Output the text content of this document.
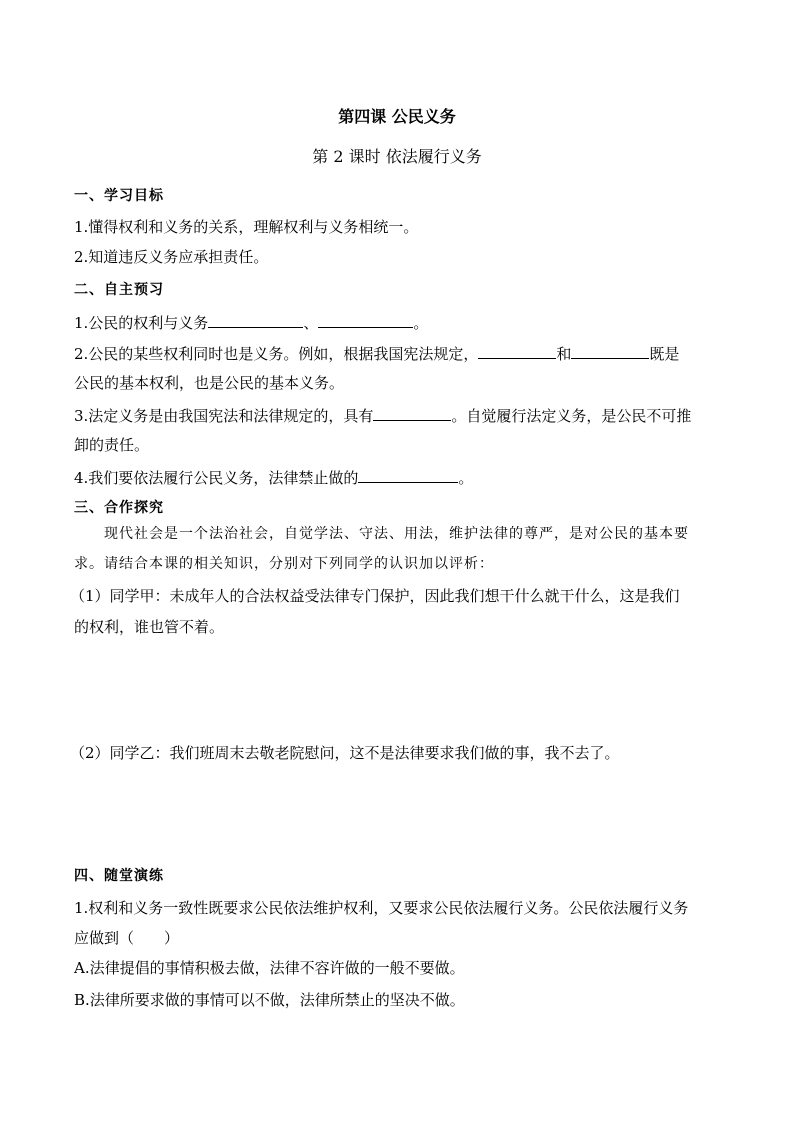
第四课 公民义务
第 2 课时 依法履行义务
一、学习目标
1.懂得权利和义务的关系，理解权利与义务相统一。
2.知道违反义务应承担责任。
二、自主预习
1.公民的权利与义务	、	。
2.公民的某些权利同时也是义务。例如，根据我国宪法规定，	和	既是
公民的基本权利，也是公民的基本义务。
3.法定义务是由我国宪法和法律规定的，具有	。自觉履行法定义务，是公民不可推
卸的责任。
4.我们要依法履行公民义务，法律禁止做的	。
三、合作探究
现代社会是一个法治社会，自觉学法、守法、用法，维护法律的尊严，是对公民的基本要
求。请结合本课的相关知识，分别对下列同学的认识加以评析：
（1）同学甲：未成年人的合法权益受法律专门保护，因此我们想干什么就干什么，这是我们
的权利，谁也管不着。
（2）同学乙：我们班周末去敬老院慰问，这不是法律要求我们做的事，我不去了。
四、随堂演练
1.权利和义务一致性既要求公民依法维护权利，又要求公民依法履行义务。公民依法履行义务
应做到（　　）
A.法律提倡的事情积极去做，法律不容许做的一般不要做。
B.法律所要求做的事情可以不做，法律所禁止的坚决不做。
